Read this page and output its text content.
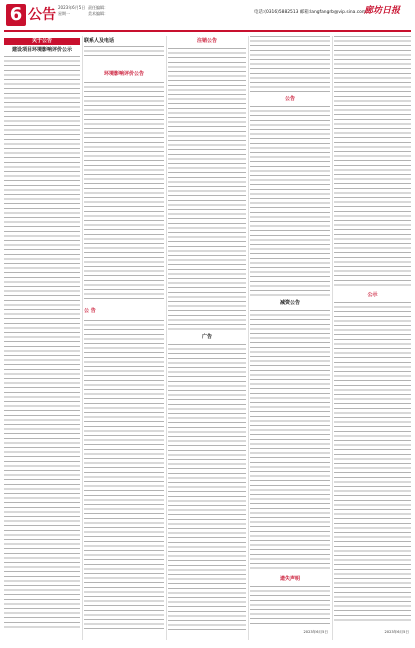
6 公告 2023年6月5日
星期一
责任编辑：
美术编辑：	电话:(0316)5882513 邮箱:langfangrb@vip.sina.com
廊坊日报
关于公告
建设项目环境影响评价公示
联系人及电话
环境影响评价公告
公 告
注销公告
广告
公告
减资公告
遗失声明
2023年6月5日
公示
2023年6月5日
